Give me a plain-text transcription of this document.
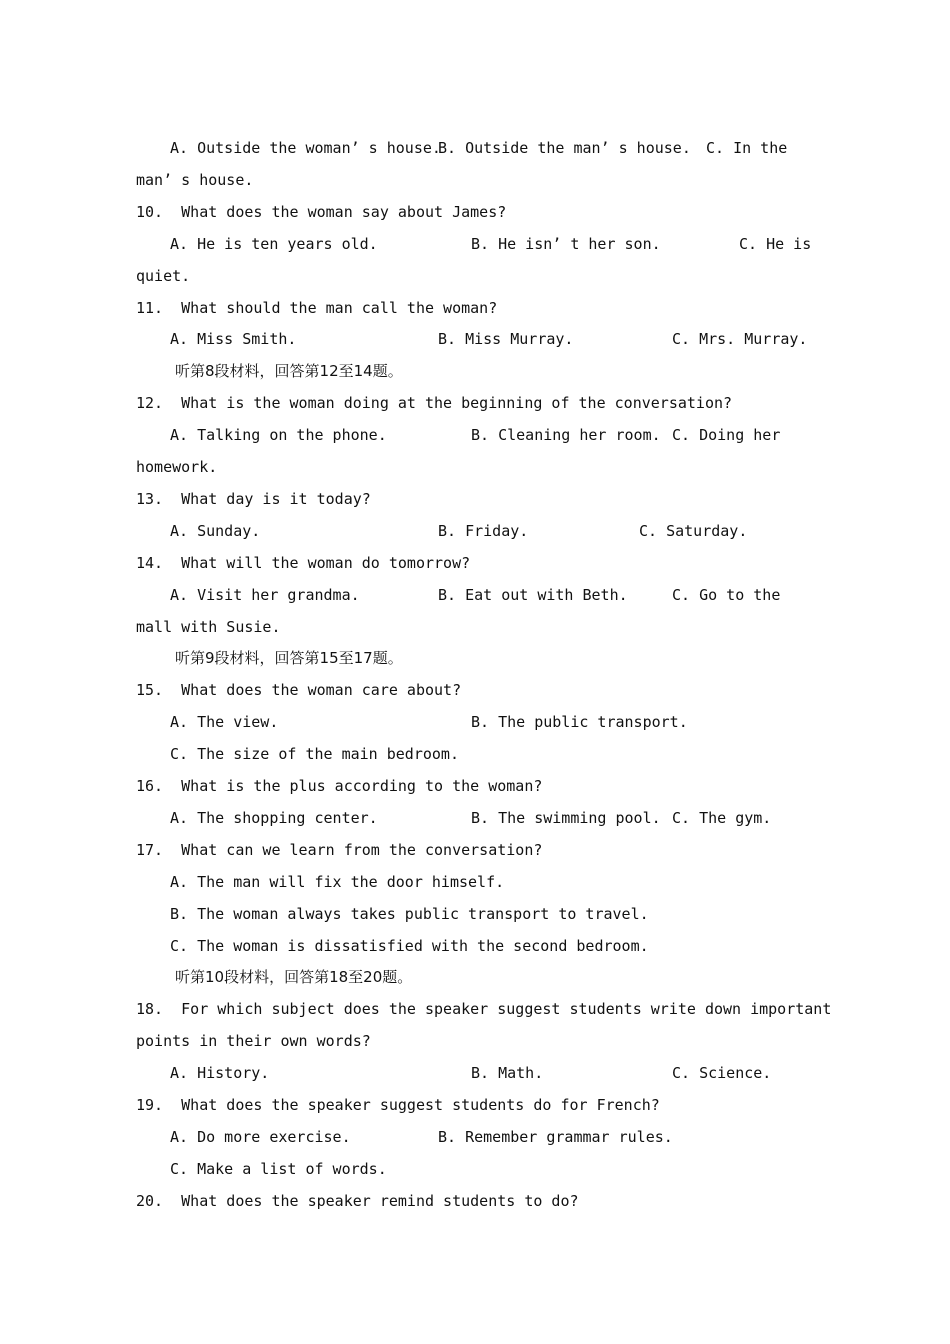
A. Outside the woman’ s house.
B. Outside the man’ s house. C. In the
man’ s house.
10.  What does the woman say about James?
A. He is ten years old.	B. He isn’ t her son.	C. He is
quiet.
11.  What should the man call the woman?
A. Miss Smith.	B. Miss Murray.	C. Mrs. Murray.
听第8段材料，回答第12至14题。
12.  What is the woman doing at the beginning of the conversation?
A. Talking on the phone.	B. Cleaning her room. C. Doing her
homework.
13.  What day is it today?
A. Sunday.	B. Friday.	C. Saturday.
14.  What will the woman do tomorrow?
A. Visit her grandma.	B. Eat out with Beth.	C. Go to the
mall with Susie.
听第9段材料，回答第15至17题。
15.  What does the woman care about?
A. The view.	B. The public transport.
C. The size of the main bedroom.
16.  What is the plus according to the woman?
A. The shopping center.	B. The swimming pool. C. The gym.
17.  What can we learn from the conversation?
A. The man will fix the door himself.
B. The woman always takes public transport to travel.
C. The woman is dissatisfied with the second bedroom.
听第10段材料，回答第18至20题。
18.  For which subject does the speaker suggest students write down important
points in their own words?
A. History.	B. Math.	C. Science.
19.  What does the speaker suggest students do for French?
A. Do more exercise.	B. Remember grammar rules.
C. Make a list of words.
20.  What does the speaker remind students to do?
